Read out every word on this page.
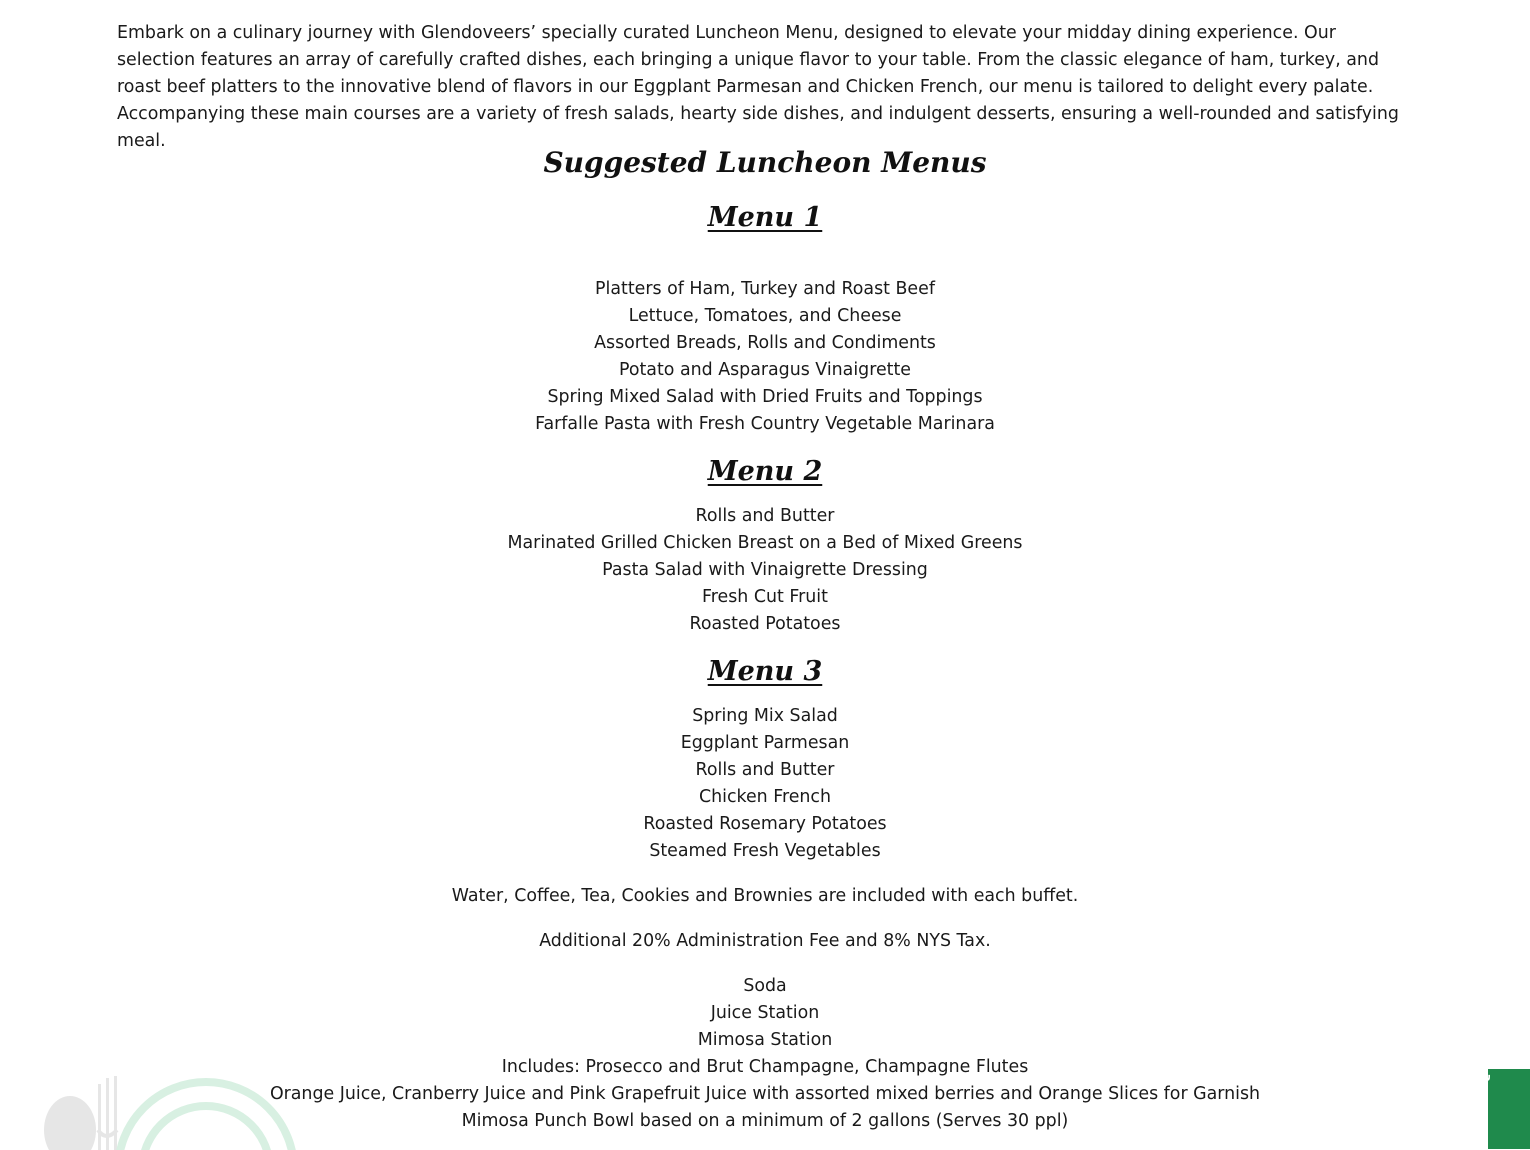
Embark on a culinary journey with Glendoveers’ specially curated Luncheon Menu, designed to elevate your midday dining experience. Our selection features an array of carefully crafted dishes, each bringing a unique flavor to your table. From the classic elegance of ham, turkey, and roast beef platters to the innovative blend of flavors in our Eggplant Parmesan and Chicken French, our menu is tailored to delight every palate. Accompanying these main courses are a variety of fresh salads, hearty side dishes, and indulgent desserts, ensuring a well-rounded and satisfying meal.

Suggested Luncheon Menus
Menu 1
Platters of Ham, Turkey and Roast Beef
Lettuce, Tomatoes, and Cheese
Assorted Breads, Rolls and Condiments
Potato and Asparagus Vinaigrette
Spring Mixed Salad with Dried Fruits and Toppings
Farfalle Pasta with Fresh Country Vegetable Marinara
Menu 2
Rolls and Butter
Marinated Grilled Chicken Breast on a Bed of Mixed Greens
Pasta Salad with Vinaigrette Dressing
Fresh Cut Fruit
Roasted Potatoes
Menu 3
Spring Mix Salad
Eggplant Parmesan
Rolls and Butter
Chicken French
Roasted Rosemary Potatoes
Steamed Fresh Vegetables

Water, Coffee, Tea, Cookies and Brownies are included with each buffet.

Additional 20% Administration Fee and 8% NYS Tax.

Soda
Juice Station
Mimosa Station
Includes: Prosecco and Brut Champagne, Champagne Flutes
Orange Juice, Cranberry Juice and Pink Grapefruit Juice with assorted mixed berries and Orange Slices for Garnish
Mimosa Punch Bowl based on a minimum of 2 gallons (Serves 30 ppl)
t Us!
